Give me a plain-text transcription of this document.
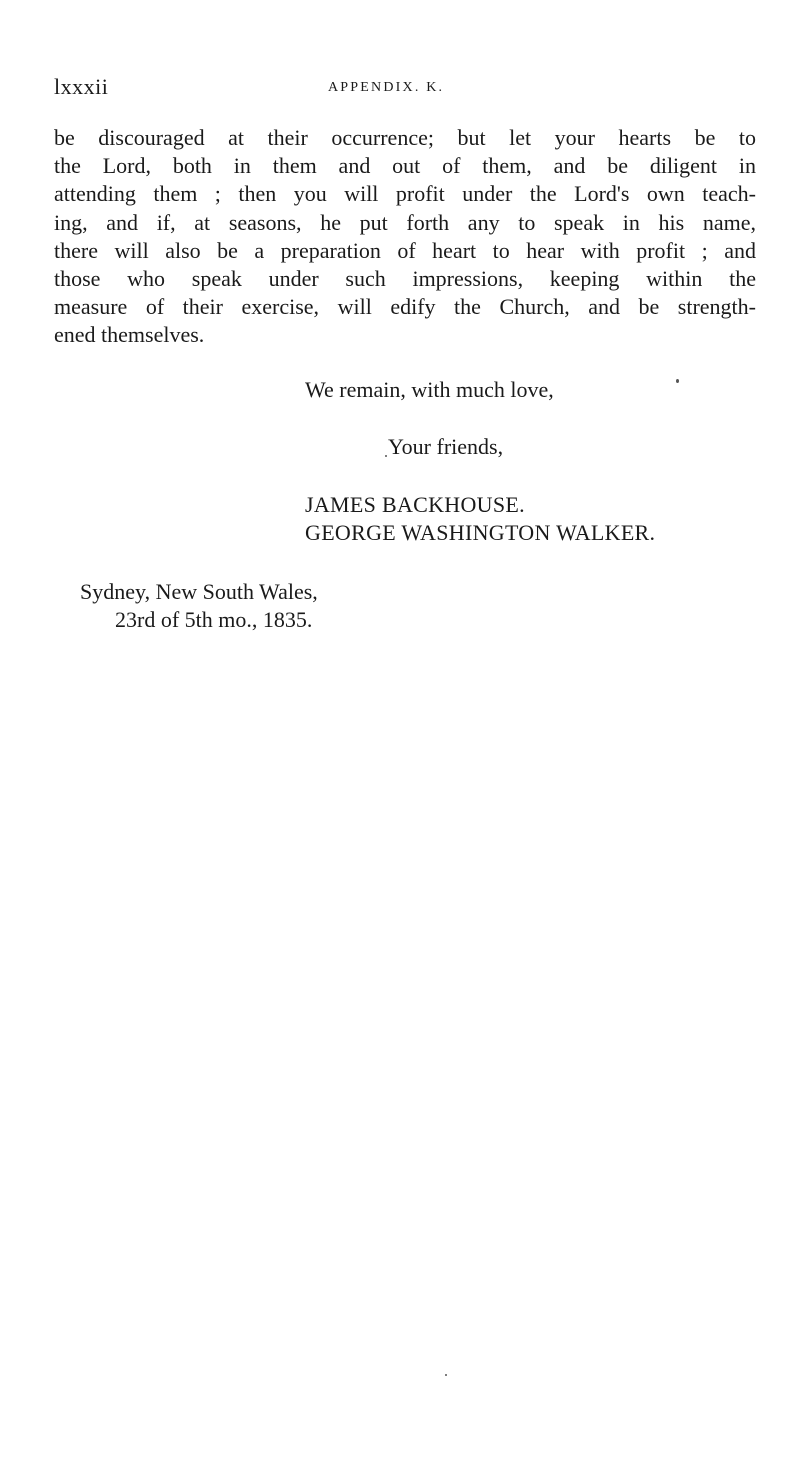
lxxxii	APPENDIX. K.
be discouraged at their occurrence; but let your hearts be to
the Lord, both in them and out of them, and be diligent in
attending them ; then you will profit under the Lord's own teach-
ing, and if, at seasons, he put forth any to speak in his name,
there will also be a preparation of heart to hear with profit ; and
those who speak under such impressions, keeping within the
measure of their exercise, will edify the Church, and be strength-
ened themselves.
We remain, with much love,
Your friends,
JAMES BACKHOUSE.
GEORGE WASHINGTON WALKER.
Sydney, New South Wales,
23rd of 5th mo., 1835.
